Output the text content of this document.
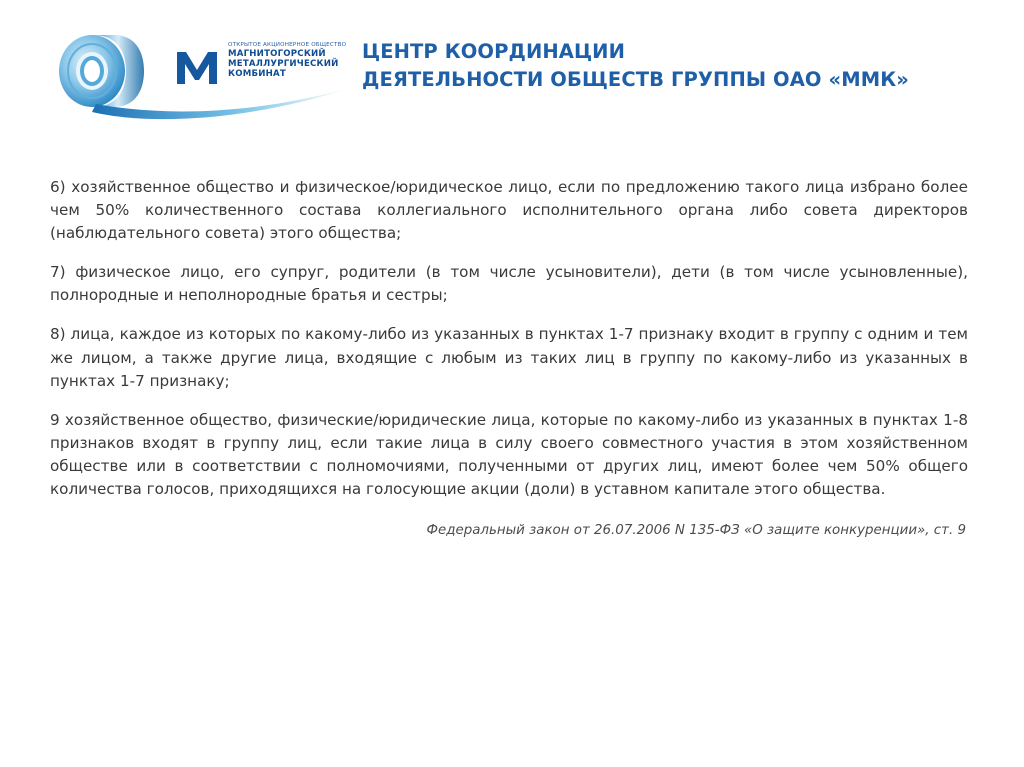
ОТКРЫТОЕ АКЦИОНЕРНОЕ ОБЩЕСТВО
МАГНИТОГОРСКИЙ
МЕТАЛЛУРГИЧЕСКИЙ
КОМБИНАТ
ЦЕНТР КООРДИНАЦИИ
ДЕЯТЕЛЬНОСТИ ОБЩЕСТВ ГРУППЫ ОАО «ММК»

6) хозяйственное общество и физическое/юридическое лицо, если по предложению такого лица избрано более чем 50% количественного состава коллегиального исполнительного органа либо совета директоров (наблюдательного совета) этого общества;

7) физическое лицо, его супруг, родители (в том числе усыновители), дети (в том числе усыновленные), полнородные и неполнородные братья и сестры;

8) лица, каждое из которых по какому-либо из указанных в пунктах 1-7 признаку входит в группу с одним и тем же лицом, а также другие лица, входящие с любым из таких лиц в группу по какому-либо из указанных в пунктах 1-7 признаку;

9 хозяйственное общество, физические/юридические лица, которые по какому-либо из указанных в пунктах 1-8 признаков входят в группу лиц, если такие лица в силу своего совместного участия в этом хозяйственном обществе или в соответствии с полномочиями, полученными от других лиц, имеют более чем 50% общего количества голосов, приходящихся на голосующие акции (доли) в уставном капитале этого общества.

Федеральный закон от 26.07.2006 N 135-ФЗ «О защите конкуренции», ст. 9
